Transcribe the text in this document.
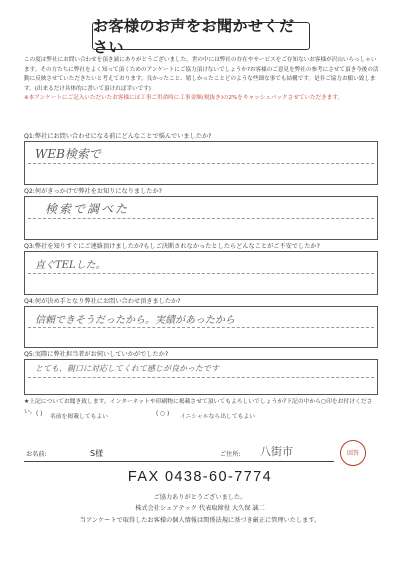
お客様のお声をお聞かせください

この度は弊社にお問い合わせを頂き誠にありがとうございました。世の中には弊社の存在やサービスをご存知ないお客様が沢山いらっしゃいます。その方たちに弊社をよく知って頂くためのアンケートにご協力頂けないでしょうか?お客様のご意見を弊社の参考にさせて頂き今後の活動に反映させていただきたいと考えております。良かったこと、嬉しかったことどのような些細な事でも結構です。是非ご協力お願い致します。(出来るだけ具体的に書いて頂ければ幸いです)

※本アンケートにご記入いただいたお客様には工事ご用命時に工事金額(税抜き)の2%をキャッシュバックさせていただきます。

Q1:弊社にお問い合わせになる前にどんなことで悩んでいましたか?
WEB検索で
Q2:何がきっかけで弊社をお知りになりましたか?
検索で調べた
Q3:弊社を知りすぐにご連絡頂けましたか?もしご決断されなかったとしたらどんなことがご不安でしたか?
直ぐTELした。
Q4:何が決め手となり弊社にお問い合わせ頂きましたか?
信頼できそうだったから。実績があったから
Q5:実際に弊社担当者がお伺いしていかがでしたか?
とても、親口に対応してくれて感じが良かったです
★上記についてお聞き致します。インターネットや印刷物に掲載させて頂いてもよろしいでしょうか?下記の中から○印をお付けください。 ( ) 名前を掲載してもよい	( ○ ) イニシャルなら出してもよい
お名前:	S様	ご住所: 八街市	回答
FAX 0438-60-7774
ご協力ありがとうございました。
株式会社シェアテック 代表取締役 大久保 誠二
当アンケートで取得したお客様の個人情報は関係法規に基づき厳正に管理いたします。
